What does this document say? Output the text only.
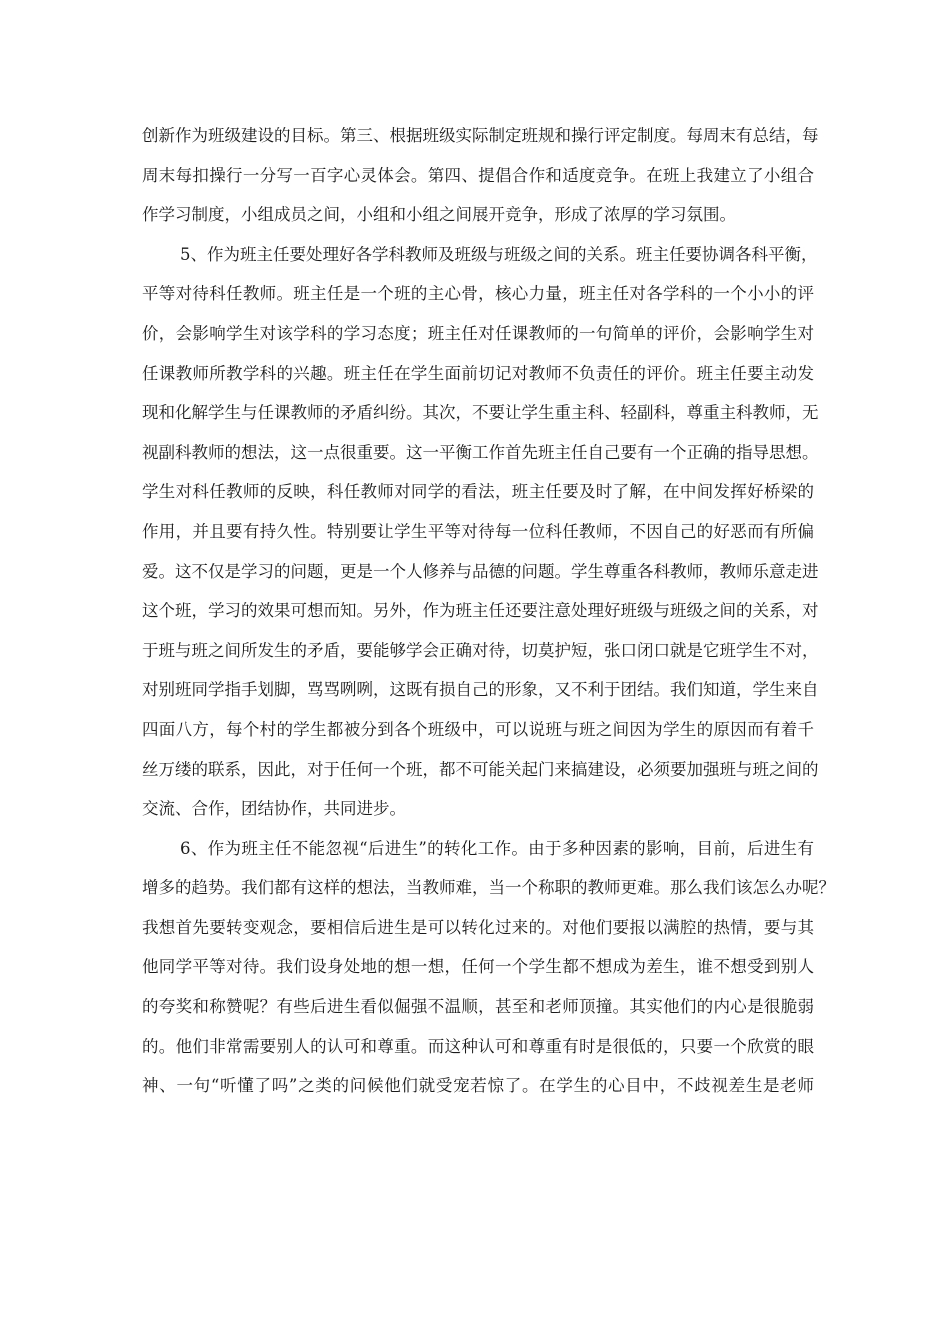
创新作为班级建设的目标。第三、根据班级实际制定班规和操行评定制度。每周末有总结，每
周末每扣操行一分写一百字心灵体会。第四、提倡合作和适度竞争。在班上我建立了小组合
作学习制度，小组成员之间，小组和小组之间展开竞争，形成了浓厚的学习氛围。
5、作为班主任要处理好各学科教师及班级与班级之间的关系。班主任要协调各科平衡，
平等对待科任教师。班主任是一个班的主心骨，核心力量，班主任对各学科的一个小小的评
价，会影响学生对该学科的学习态度；班主任对任课教师的一句简单的评价，会影响学生对
任课教师所教学科的兴趣。班主任在学生面前切记对教师不负责任的评价。班主任要主动发
现和化解学生与任课教师的矛盾纠纷。其次，不要让学生重主科、轻副科，尊重主科教师，无
视副科教师的想法，这一点很重要。这一平衡工作首先班主任自己要有一个正确的指导思想。
学生对科任教师的反映，科任教师对同学的看法，班主任要及时了解，在中间发挥好桥梁的
作用，并且要有持久性。特别要让学生平等对待每一位科任教师，不因自己的好恶而有所偏
爱。这不仅是学习的问题，更是一个人修养与品德的问题。学生尊重各科教师，教师乐意走进
这个班，学习的效果可想而知。另外，作为班主任还要注意处理好班级与班级之间的关系，对
于班与班之间所发生的矛盾，要能够学会正确对待，切莫护短，张口闭口就是它班学生不对，
对别班同学指手划脚，骂骂咧咧，这既有损自己的形象，又不利于团结。我们知道，学生来自
四面八方，每个村的学生都被分到各个班级中，可以说班与班之间因为学生的原因而有着千
丝万缕的联系，因此，对于任何一个班，都不可能关起门来搞建设，必须要加强班与班之间的
交流、合作，团结协作，共同进步。
6、作为班主任不能忽视“后进生”的转化工作。由于多种因素的影响，目前，后进生有
增多的趋势。我们都有这样的想法，当教师难，当一个称职的教师更难。那么我们该怎么办呢？
我想首先要转变观念，要相信后进生是可以转化过来的。对他们要报以满腔的热情，要与其
他同学平等对待。我们设身处地的想一想，任何一个学生都不想成为差生，谁不想受到别人
的夸奖和称赞呢？有些后进生看似倔强不温顺，甚至和老师顶撞。其实他们的内心是很脆弱
的。他们非常需要别人的认可和尊重。而这种认可和尊重有时是很低的，只要一个欣赏的眼
神、一句“听懂了吗”之类的问候他们就受宠若惊了。在学生的心目中，不歧视差生是老师
